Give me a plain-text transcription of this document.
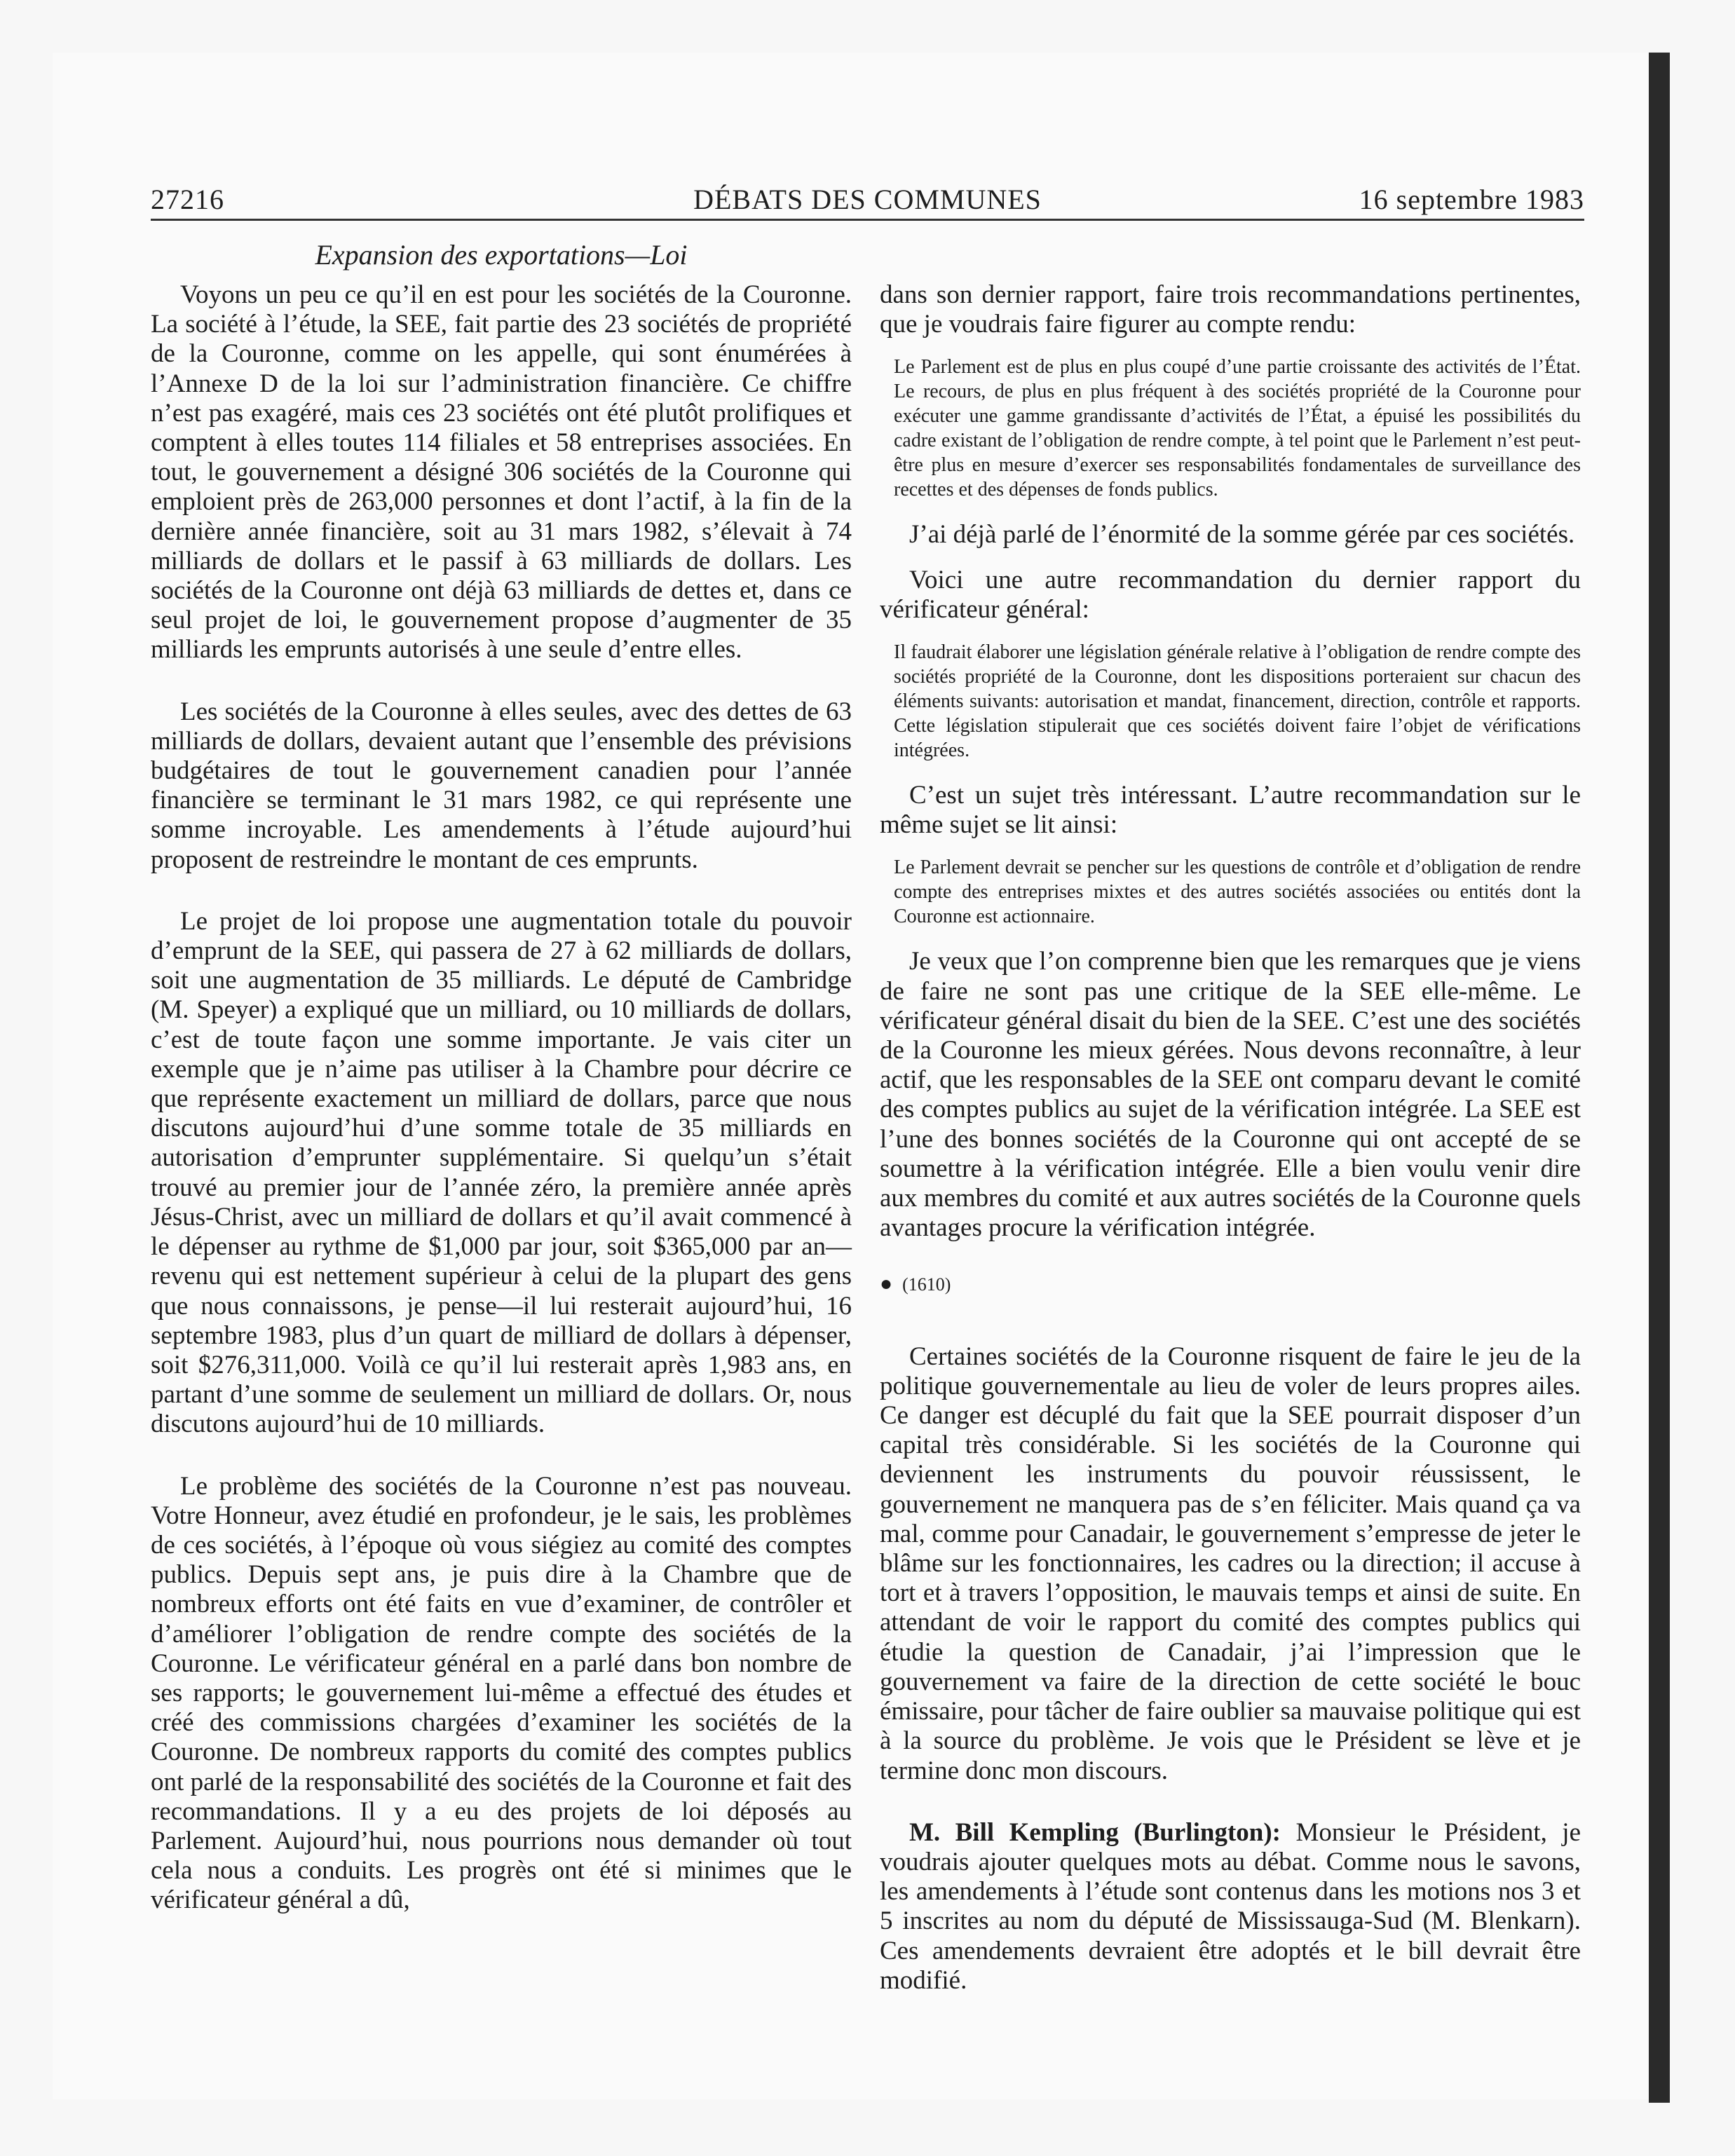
27216	DÉBATS DES COMMUNES	16 septembre 1983
Expansion des exportations—Loi

Voyons un peu ce qu’il en est pour les sociétés de la Couronne. La société à l’étude, la SEE, fait partie des 23 sociétés de propriété de la Couronne, comme on les appelle, qui sont énumérées à l’Annexe D de la loi sur l’administration financière. Ce chiffre n’est pas exagéré, mais ces 23 sociétés ont été plutôt prolifiques et comptent à elles toutes 114 filiales et 58 entreprises associées. En tout, le gouvernement a désigné 306 sociétés de la Couronne qui emploient près de 263,000 personnes et dont l’actif, à la fin de la dernière année financière, soit au 31 mars 1982, s’élevait à 74 milliards de dollars et le passif à 63 milliards de dollars. Les sociétés de la Couronne ont déjà 63 milliards de dettes et, dans ce seul projet de loi, le gouvernement propose d’augmenter de 35 milliards les emprunts autorisés à une seule d’entre elles.

Les sociétés de la Couronne à elles seules, avec des dettes de 63 milliards de dollars, devaient autant que l’ensemble des prévisions budgétaires de tout le gouvernement canadien pour l’année financière se terminant le 31 mars 1982, ce qui représente une somme incroyable. Les amendements à l’étude aujourd’hui proposent de restreindre le montant de ces emprunts.

Le projet de loi propose une augmentation totale du pouvoir d’emprunt de la SEE, qui passera de 27 à 62 milliards de dollars, soit une augmentation de 35 milliards. Le député de Cambridge (M. Speyer) a expliqué que un milliard, ou 10 milliards de dollars, c’est de toute façon une somme importante. Je vais citer un exemple que je n’aime pas utiliser à la Chambre pour décrire ce que représente exactement un milliard de dollars, parce que nous discutons aujourd’hui d’une somme totale de 35 milliards en autorisation d’emprunter supplémentaire. Si quelqu’un s’était trouvé au premier jour de l’année zéro, la première année après Jésus-Christ, avec un milliard de dollars et qu’il avait commencé à le dépenser au rythme de $1,000 par jour, soit $365,000 par an—revenu qui est nettement supérieur à celui de la plupart des gens que nous connaissons, je pense—il lui resterait aujourd’hui, 16 septembre 1983, plus d’un quart de milliard de dollars à dépenser, soit $276,311,000. Voilà ce qu’il lui resterait après 1,983 ans, en partant d’une somme de seulement un milliard de dollars. Or, nous discutons aujourd’hui de 10 milliards.

Le problème des sociétés de la Couronne n’est pas nouveau. Votre Honneur, avez étudié en profondeur, je le sais, les problèmes de ces sociétés, à l’époque où vous siégiez au comité des comptes publics. Depuis sept ans, je puis dire à la Chambre que de nombreux efforts ont été faits en vue d’examiner, de contrôler et d’améliorer l’obligation de rendre compte des sociétés de la Couronne. Le vérificateur général en a parlé dans bon nombre de ses rapports; le gouvernement lui-même a effectué des études et créé des commissions chargées d’examiner les sociétés de la Couronne. De nombreux rapports du comité des comptes publics ont parlé de la responsabilité des sociétés de la Couronne et fait des recommandations. Il y a eu des projets de loi déposés au Parlement. Aujourd’hui, nous pourrions nous demander où tout cela nous a conduits. Les progrès ont été si minimes que le vérificateur général a dû,

dans son dernier rapport, faire trois recommandations pertinentes, que je voudrais faire figurer au compte rendu:

Le Parlement est de plus en plus coupé d’une partie croissante des activités de l’État. Le recours, de plus en plus fréquent à des sociétés propriété de la Couronne pour exécuter une gamme grandissante d’activités de l’État, a épuisé les possibilités du cadre existant de l’obligation de rendre compte, à tel point que le Parlement n’est peut-être plus en mesure d’exercer ses responsabilités fondamentales de surveillance des recettes et des dépenses de fonds publics.

J’ai déjà parlé de l’énormité de la somme gérée par ces sociétés.

Voici une autre recommandation du dernier rapport du vérificateur général:

Il faudrait élaborer une législation générale relative à l’obligation de rendre compte des sociétés propriété de la Couronne, dont les dispositions porteraient sur chacun des éléments suivants: autorisation et mandat, financement, direction, contrôle et rapports. Cette législation stipulerait que ces sociétés doivent faire l’objet de vérifications intégrées.

C’est un sujet très intéressant. L’autre recommandation sur le même sujet se lit ainsi:

Le Parlement devrait se pencher sur les questions de contrôle et d’obligation de rendre compte des entreprises mixtes et des autres sociétés associées ou entités dont la Couronne est actionnaire.

Je veux que l’on comprenne bien que les remarques que je viens de faire ne sont pas une critique de la SEE elle-même. Le vérificateur général disait du bien de la SEE. C’est une des sociétés de la Couronne les mieux gérées. Nous devons reconnaître, à leur actif, que les responsables de la SEE ont comparu devant le comité des comptes publics au sujet de la vérification intégrée. La SEE est l’une des bonnes sociétés de la Couronne qui ont accepté de se soumettre à la vérification intégrée. Elle a bien voulu venir dire aux membres du comité et aux autres sociétés de la Couronne quels avantages procure la vérification intégrée.

● (1610)

Certaines sociétés de la Couronne risquent de faire le jeu de la politique gouvernementale au lieu de voler de leurs propres ailes. Ce danger est décuplé du fait que la SEE pourrait disposer d’un capital très considérable. Si les sociétés de la Couronne qui deviennent les instruments du pouvoir réussissent, le gouvernement ne manquera pas de s’en féliciter. Mais quand ça va mal, comme pour Canadair, le gouvernement s’empresse de jeter le blâme sur les fonctionnaires, les cadres ou la direction; il accuse à tort et à travers l’opposition, le mauvais temps et ainsi de suite. En attendant de voir le rapport du comité des comptes publics qui étudie la question de Canadair, j’ai l’impression que le gouvernement va faire de la direction de cette société le bouc émissaire, pour tâcher de faire oublier sa mauvaise politique qui est à la source du problème. Je vois que le Président se lève et je termine donc mon discours.

M. Bill Kempling (Burlington): Monsieur le Président, je voudrais ajouter quelques mots au débat. Comme nous le savons, les amendements à l’étude sont contenus dans les motions nos 3 et 5 inscrites au nom du député de Mississauga-Sud (M. Blenkarn). Ces amendements devraient être adoptés et le bill devrait être modifié.
